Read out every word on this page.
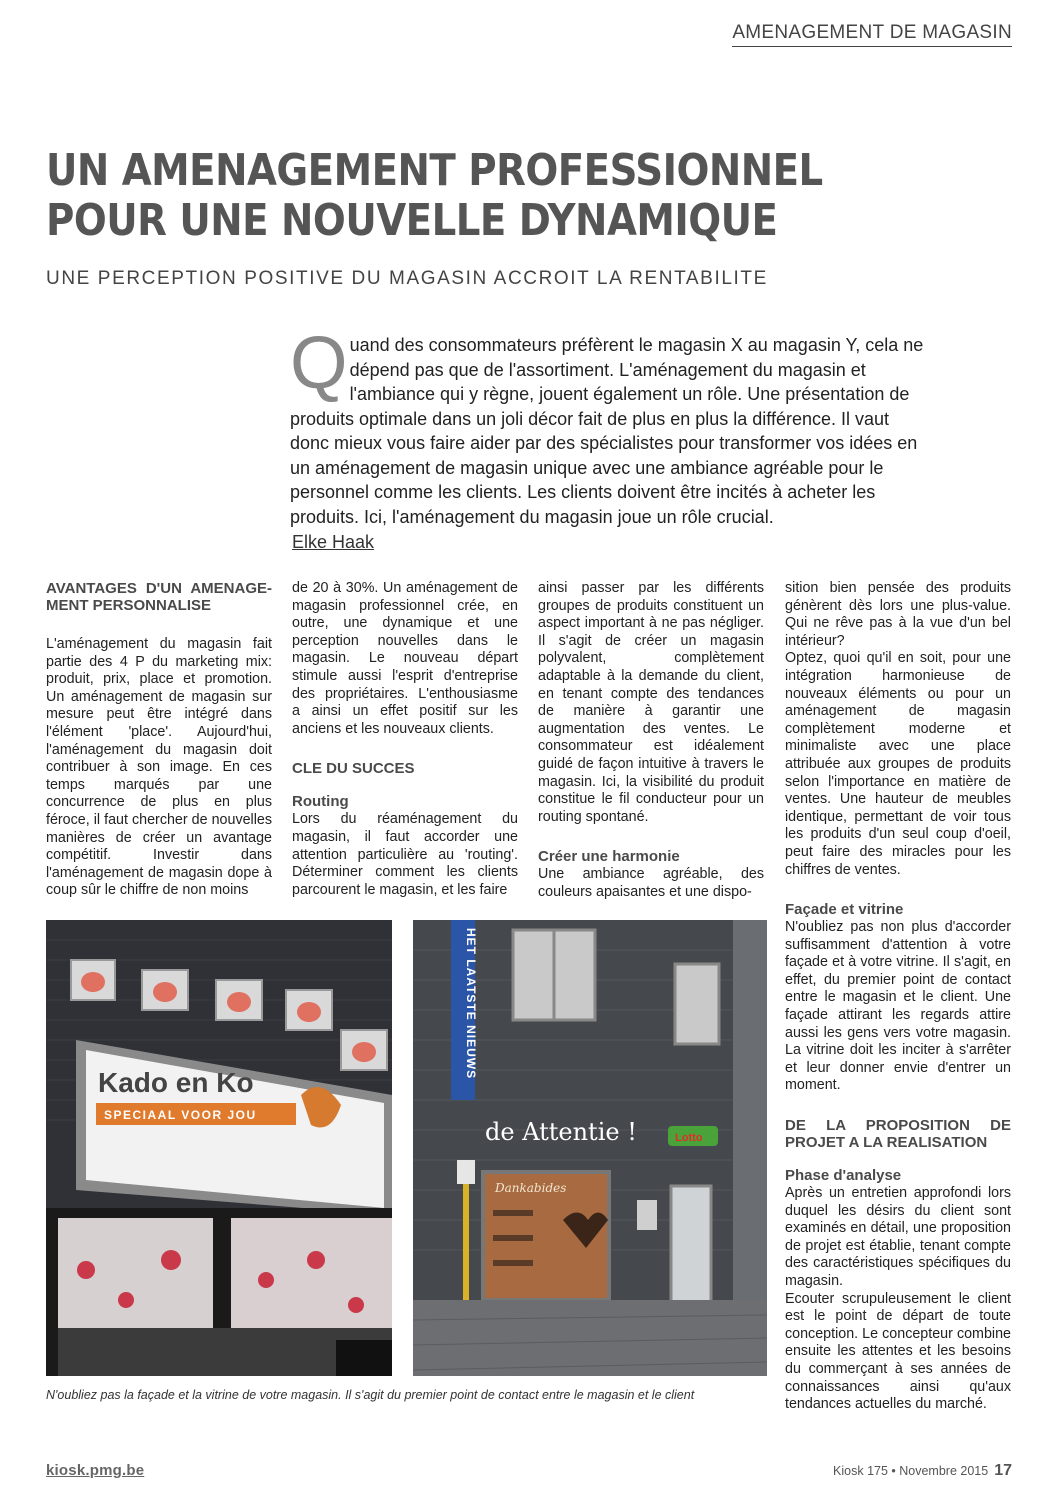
AMENAGEMENT DE MAGASIN
UN AMENAGEMENT PROFESSIONNEL
POUR UNE NOUVELLE DYNAMIQUE
UNE PERCEPTION POSITIVE DU MAGASIN ACCROIT LA RENTABILITE
Quand des consommateurs préfèrent le magasin X au magasin Y, cela ne dépend pas que de l'assortiment. L'aménagement du magasin et l'ambiance qui y règne, jouent également un rôle. Une présentation de produits optimale dans un joli décor fait de plus en plus la différence. Il vaut donc mieux vous faire aider par des spécialistes pour transformer vos idées en un aménagement de magasin unique avec une ambiance agréable pour le personnel comme les clients. Les clients doivent être incités à acheter les produits. Ici, l'aménagement du magasin joue un rôle crucial.
Elke Haak
AVANTAGES D'UN AMENAGE-MENT PERSONNALISE

L'aménagement du magasin fait partie des 4 P du marketing mix: produit, prix, place et promotion. Un aménagement de magasin sur mesure peut être intégré dans l'élément 'place'. Aujourd'hui, l'aménagement du magasin doit contribuer à son image. En ces temps marqués par une concurrence de plus en plus féroce, il faut chercher de nouvelles manières de créer un avantage compétitif. Investir dans l'aménagement de magasin dope à coup sûr le chiffre de non moins

de 20 à 30%. Un aménagement de magasin professionnel crée, en outre, une dynamique et une perception nouvelles dans le magasin. Le nouveau départ stimule aussi l'esprit d'entreprise des propriétaires. L'enthousiasme a ainsi un effet positif sur les anciens et les nouveaux clients.

CLE DU SUCCES
Routing

Lors du réaménagement du magasin, il faut accorder une attention particulière au 'routing'. Déterminer comment les clients parcourent le magasin, et les faire

ainsi passer par les différents groupes de produits constituent un aspect important à ne pas négliger. Il s'agit de créer un magasin polyvalent, complètement adaptable à la demande du client, en tenant compte des tendances de manière à garantir une augmentation des ventes. Le consommateur est idéalement guidé de façon intuitive à travers le magasin. Ici, la visibilité du produit constitue le fil conducteur pour un routing spontané.

Créer une harmonie

Une ambiance agréable, des couleurs apaisantes et une dispo-

sition bien pensée des produits génèrent dès lors une plus-value. Qui ne rêve pas à la vue d'un bel intérieur?

Optez, quoi qu'il en soit, pour une intégration harmonieuse de nouveaux éléments ou pour un aménagement de magasin complètement moderne et minimaliste avec une place attribuée aux groupes de produits selon l'importance en matière de ventes. Une hauteur de meubles identique, permettant de voir tous les produits d'un seul coup d'oeil, peut faire des miracles pour les chiffres de ventes.

Façade et vitrine

N'oubliez pas non plus d'accorder suffisamment d'attention à votre façade et à votre vitrine. Il s'agit, en effet, du premier point de contact entre le magasin et le client. Une façade attirant les regards attire aussi les gens vers votre magasin. La vitrine doit les inciter à s'arrêter et leur donner envie d'entrer un moment.

DE LA PROPOSITION DE PROJET A LA REALISATION
Phase d'analyse

Après un entretien approfondi lors duquel les désirs du client sont examinés en détail, une proposition de projet est établie, tenant compte des caractéristiques spécifiques du magasin.

Ecouter scrupuleusement le client est le point de départ de toute conception. Le concepteur combine ensuite les attentes et les besoins du commerçant à ses années de connaissances ainsi qu'aux tendances actuelles du marché.

Kado en Ko
SPECIAAL VOOR JOU
HET LAATSTE NIEUWS
de Attentie !	Lotto
Dankabides
N'oubliez pas la façade et la vitrine de votre magasin. Il s'agit du premier point de contact entre le magasin et le client
kiosk.pmg.be	Kiosk 175 • Novembre 2015 17
